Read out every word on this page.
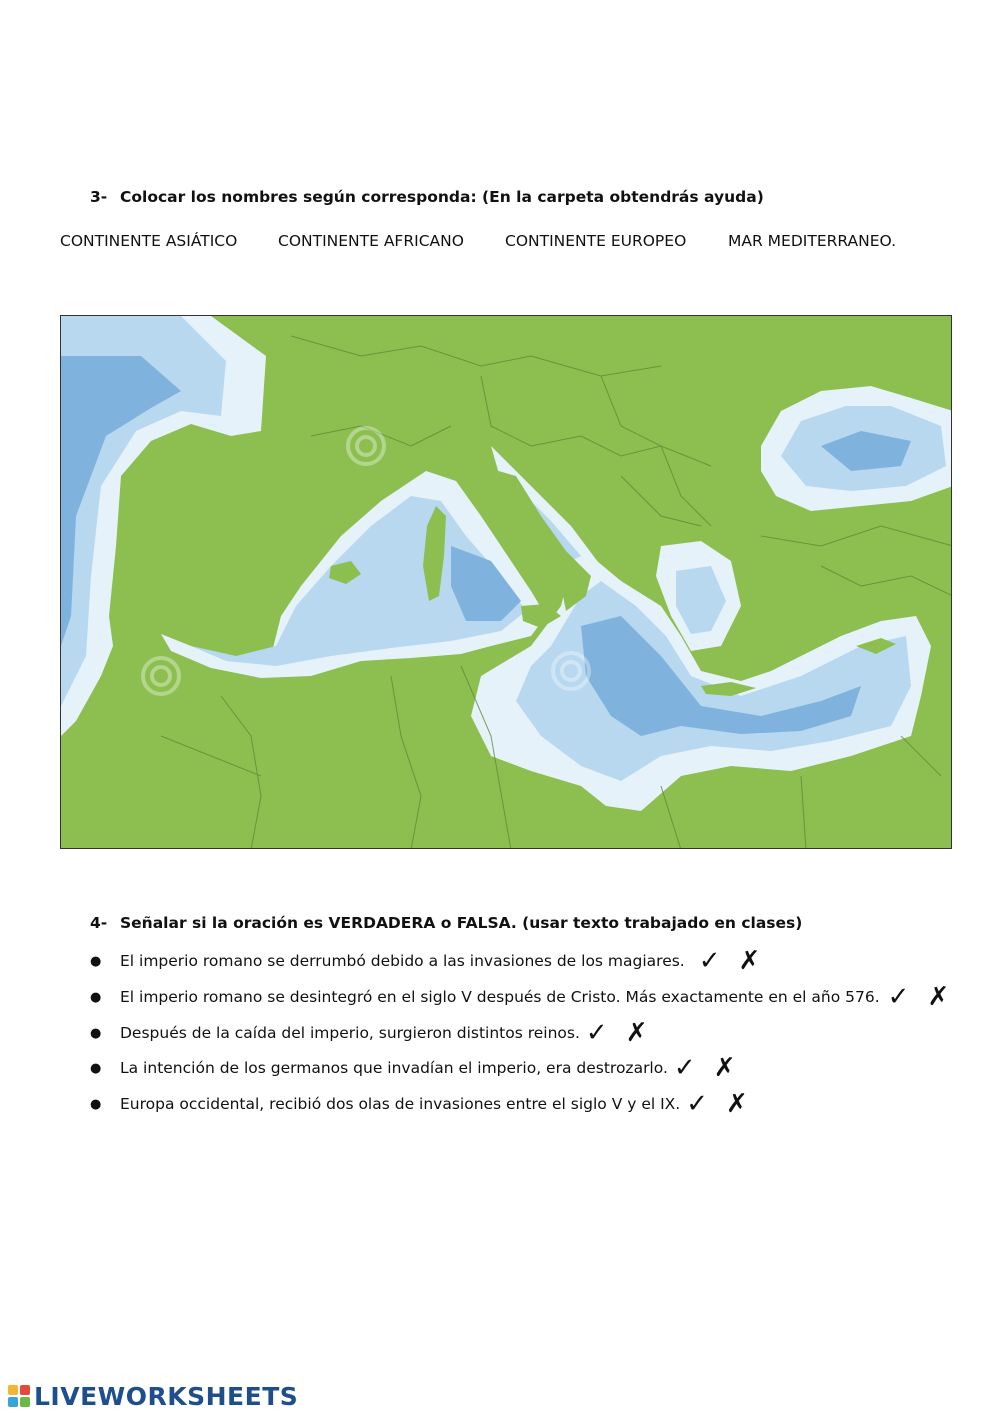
3- Colocar los nombres según corresponda: (En la carpeta obtendrás ayuda)
CONTINENTE ASIÁTICO	CONTINENTE AFRICANO	CONTINENTE EUROPEO	MAR MEDITERRANEO.
4- Señalar si la oración es VERDADERA o FALSA. (usar texto trabajado en clases)
●	El imperio romano se derrumbó debido a las invasiones de los magiares. ✓ ✗
●	El imperio romano se desintegró en el siglo V después de Cristo. Más exactamente en el año 576. ✓ ✗
●	Después de la caída del imperio, surgieron distintos reinos. ✓ ✗
●	La intención de los germanos que invadían el imperio, era destrozarlo. ✓ ✗
●	Europa occidental, recibió dos olas de invasiones entre el siglo V y el IX. ✓ ✗
LIVEWORKSHEETS
